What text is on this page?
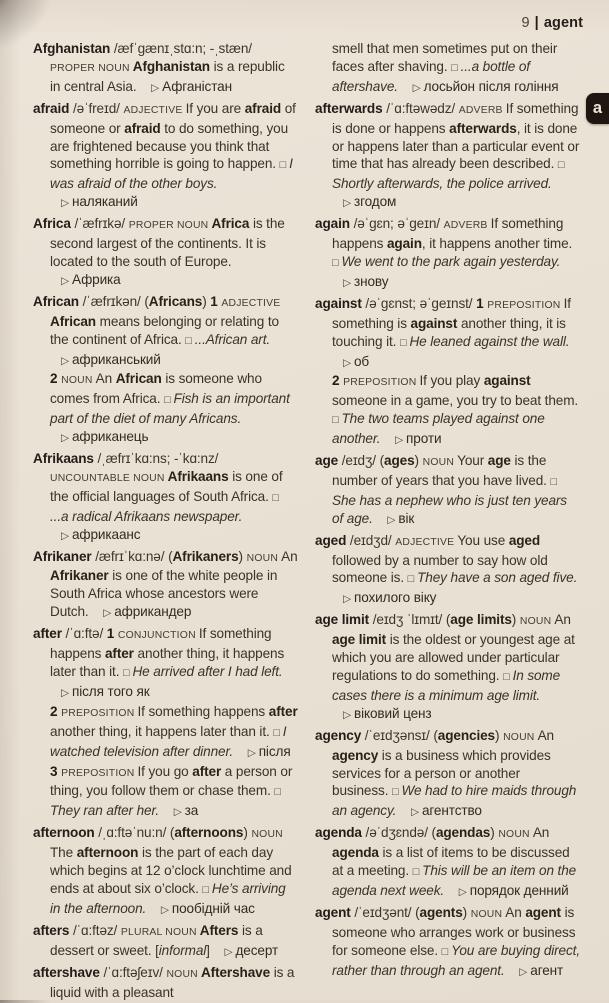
9 | agent
a

Afghanistan /æfˈɡænɪˌstɑ:n; -ˌstæn/ PROPER NOUN Afghanistan is a republic in central Asia. ▷ Афганістан

afraid /əˈfreɪd/ ADJECTIVE If you are afraid of someone or afraid to do something, you are frightened because you think that something horrible is going to happen. □ I was afraid of the other boys. ▷ наляканий

Africa /ˈæfrɪkə/ PROPER NOUN Africa is the second largest of the continents. It is located to the south of Europe. ▷ Африка

African /ˈæfrɪkən/ (Africans) 1 ADJECTIVE African means belonging or relating to the continent of Africa. □ ...African art. ▷ африканський
2 NOUN An African is someone who comes from Africa. □ Fish is an important part of the diet of many Africans. ▷ африканець

Afrikaans /ˌæfrɪˈkɑ:ns; -ˈkɑ:nz/ UNCOUNTABLE NOUN Afrikaans is one of the official languages of South Africa. □ ...a radical Afrikaans newspaper. ▷ африкаанс

Afrikaner /æfrɪˈkɑ:nə/ (Afrikaners) NOUN An Afrikaner is one of the white people in South Africa whose ancestors were Dutch. ▷ африкандер

after /ˈɑ:ftə/ 1 CONJUNCTION If something happens after another thing, it happens later than it. □ He arrived after I had left. ▷ після того як
2 PREPOSITION If something happens after another thing, it happens later than it. □ I watched television after dinner. ▷ після
3 PREPOSITION If you go after a person or thing, you follow them or chase them. □ They ran after her. ▷ за

afternoon /ˌɑ:ftəˈnu:n/ (afternoons) NOUN The afternoon is the part of each day which begins at 12 o’clock lunchtime and ends at about six o’clock. □ He’s arriving in the afternoon. ▷ пообідній час

afters /ˈɑ:ftəz/ PLURAL NOUN Afters is a dessert or sweet. [informal] ▷ десерт

aftershave /ˈɑ:ftəʃeɪv/ NOUN Aftershave is a liquid with a pleasant

smell that men sometimes put on their faces after shaving. □ ...a bottle of aftershave. ▷ лосьйон після гоління

afterwards /ˈɑ:ftəwədz/ ADVERB If something is done or happens afterwards, it is done or happens later than a particular event or time that has already been described. □ Shortly afterwards, the police arrived. ▷ згодом

again /əˈɡɛn; əˈɡeɪn/ ADVERB If something happens again, it happens another time. □ We went to the park again yesterday. ▷ знову

against /əˈɡɛnst; əˈɡeɪnst/ 1 PREPOSITION If something is against another thing, it is touching it. □ He leaned against the wall. ▷ об
2 PREPOSITION If you play against someone in a game, you try to beat them. □ The two teams played against one another. ▷ проти

age /eɪdʒ/ (ages) NOUN Your age is the number of years that you have lived. □ She has a nephew who is just ten years of age. ▷ вік

aged /eɪdʒd/ ADJECTIVE You use aged followed by a number to say how old someone is. □ They have a son aged five. ▷ похилого віку

age limit /eɪdʒ ˈlɪmɪt/ (age limits) NOUN An age limit is the oldest or youngest age at which you are allowed under particular regulations to do something. □ In some cases there is a minimum age limit. ▷ віковий ценз

agency /ˈeɪdʒənsɪ/ (agencies) NOUN An agency is a business which provides services for a person or another business. □ We had to hire maids through an agency. ▷ агентство

agenda /əˈdʒɛndə/ (agendas) NOUN An agenda is a list of items to be discussed at a meeting. □ This will be an item on the agenda next week. ▷ порядок денний

agent /ˈeɪdʒənt/ (agents) NOUN An agent is someone who arranges work or business for someone else. □ You are buying direct, rather than through an agent. ▷ агент
